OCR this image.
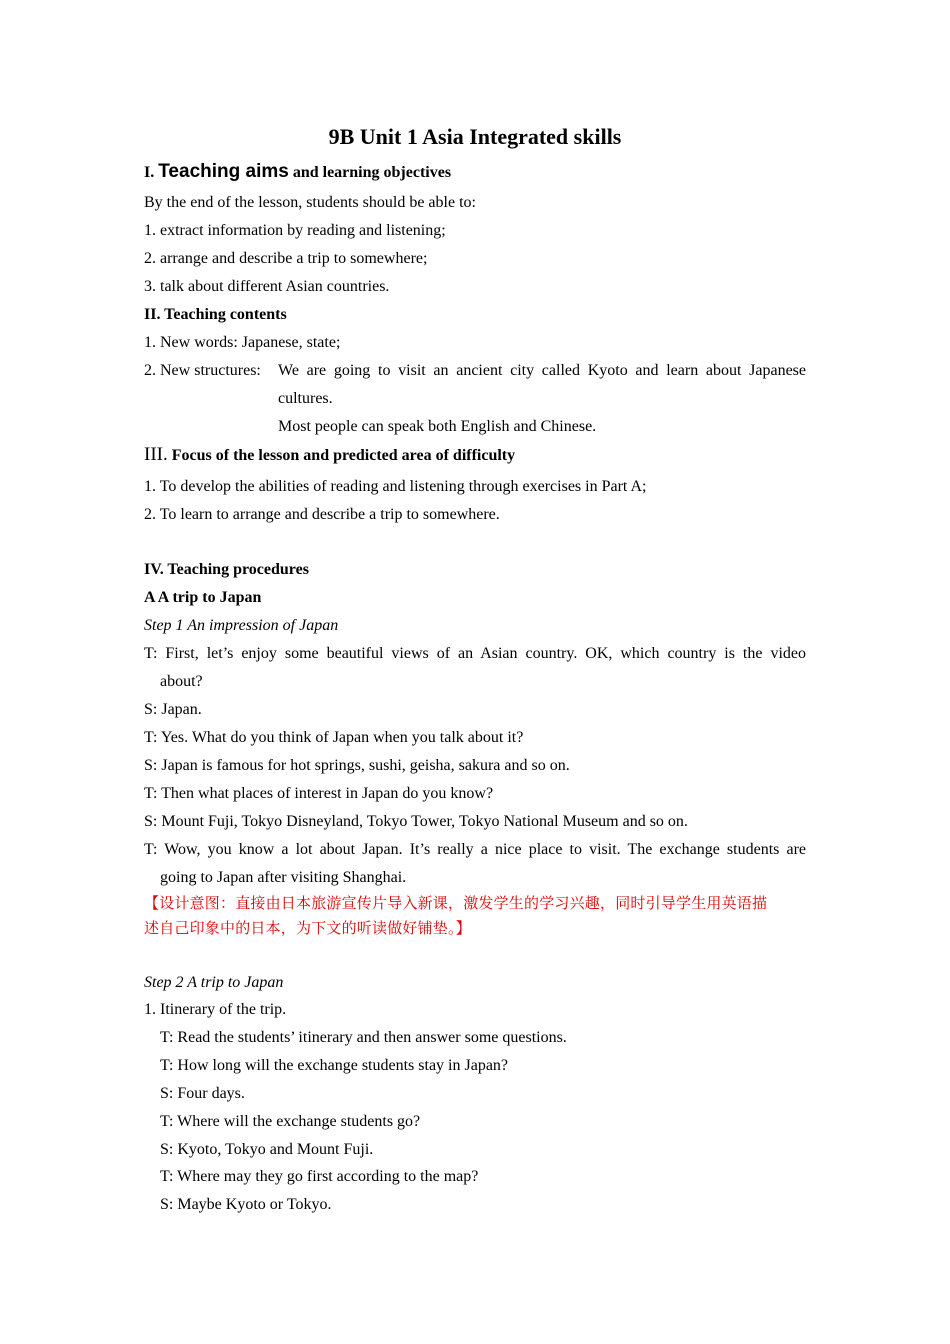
9B Unit 1 Asia Integrated skills
I. Teaching aims and learning objectives
By the end of the lesson, students should be able to:
1. extract information by reading and listening;
2. arrange and describe a trip to somewhere;
3. talk about different Asian countries.
II. Teaching contents
1. New words: Japanese, state;
2. New structures:	We are going to visit an ancient city called Kyoto and learn about Japanese
cultures.
Most people can speak both English and Chinese.
III. Focus of the lesson and predicted area of difficulty
1. To develop the abilities of reading and listening through exercises in Part A;
2. To learn to arrange and describe a trip to somewhere.
IV. Teaching procedures
A A trip to Japan
Step 1 An impression of Japan
T: First, let’s enjoy some beautiful views of an Asian country. OK, which country is the video
about?
S: Japan.
T: Yes. What do you think of Japan when you talk about it?
S: Japan is famous for hot springs, sushi, geisha, sakura and so on.
T: Then what places of interest in Japan do you know?
S: Mount Fuji, Tokyo Disneyland, Tokyo Tower, Tokyo National Museum and so on.
T: Wow, you know a lot about Japan. It’s really a nice place to visit. The exchange students are
going to Japan after visiting Shanghai.
【设计意图：直接由日本旅游宣传片导入新课，激发学生的学习兴趣，同时引导学生用英语描
述自己印象中的日本，为下文的听读做好铺垫。】
Step 2 A trip to Japan
1. Itinerary of the trip.
T: Read the students’ itinerary and then answer some questions.
T: How long will the exchange students stay in Japan?
S: Four days.
T: Where will the exchange students go?
S: Kyoto, Tokyo and Mount Fuji.
T: Where may they go first according to the map?
S: Maybe Kyoto or Tokyo.
